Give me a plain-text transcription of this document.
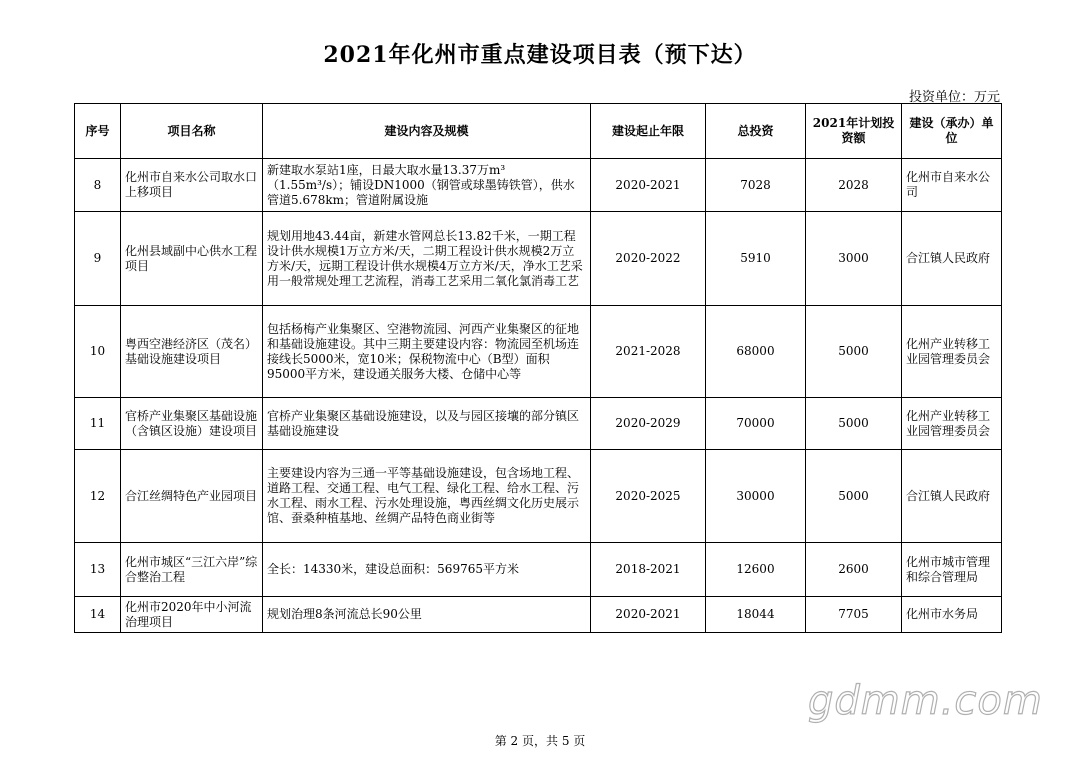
2021年化州市重点建设项目表（预下达）
投资单位：万元
序号	项目名称	建设内容及规模	建设起止年限	总投资	2021年计划投资额	建设（承办）单位
8	化州市自来水公司取水口上移项目	新建取水泵站1座，日最大取水量13.37万m³（1.55m³/s）；铺设DN1000（钢管或球墨铸铁管），供水管道5.678km；管道附属设施	2020-2021	7028	2028	化州市自来水公司
9	化州县域副中心供水工程项目	规划用地43.44亩，新建水管网总长13.82千米，一期工程设计供水规模1万立方米/天，二期工程设计供水规模2万立方米/天，远期工程设计供水规模4万立方米/天，净水工艺采用一般常规处理工艺流程，消毒工艺采用二氧化氯消毒工艺	2020-2022	5910	3000	合江镇人民政府
10	粤西空港经济区（茂名）基础设施建设项目	包括杨梅产业集聚区、空港物流园、河西产业集聚区的征地和基础设施建设。其中三期主要建设内容：物流园至机场连接线长5000米，宽10米；保税物流中心（B型）面积95000平方米，建设通关服务大楼、仓储中心等	2021-2028	68000	5000	化州产业转移工业园管理委员会
11	官桥产业集聚区基础设施（含镇区设施）建设项目	官桥产业集聚区基础设施建设，以及与园区接壤的部分镇区基础设施建设	2020-2029	70000	5000	化州产业转移工业园管理委员会
12	合江丝绸特色产业园项目	主要建设内容为三通一平等基础设施建设，包含场地工程、道路工程、交通工程、电气工程、绿化工程、给水工程、污水工程、雨水工程、污水处理设施，粤西丝绸文化历史展示馆、蚕桑种植基地、丝绸产品特色商业街等	2020-2025	30000	5000	合江镇人民政府
13	化州市城区“三江六岸”综合整治工程	全长：14330米，建设总面积：569765平方米	2018-2021	12600	2600	化州市城市管理和综合管理局
14	化州市2020年中小河流治理项目	规划治理8条河流总长90公里	2020-2021	18044	7705	化州市水务局
gdmm.com
第 2 页，共 5 页
